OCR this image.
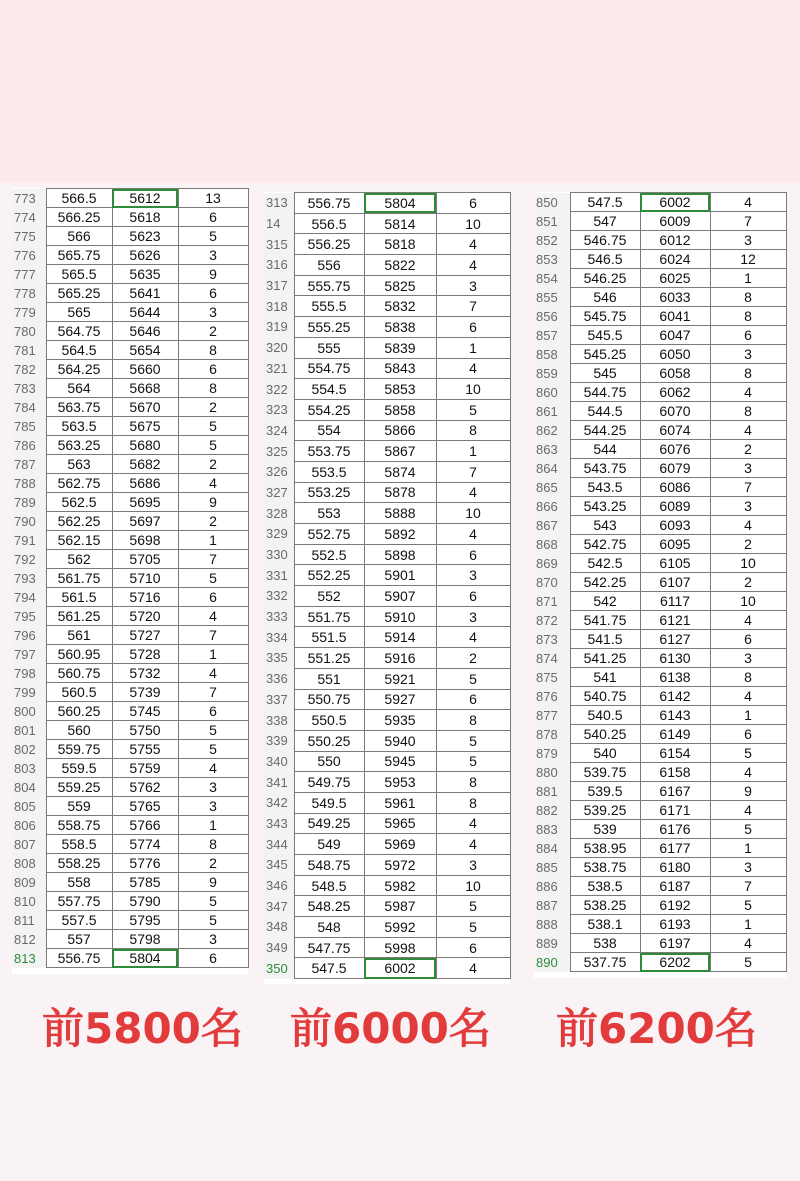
773	566.5	5612	13
774	566.25	5618	6
775	566	5623	5
776	565.75	5626	3
777	565.5	5635	9
778	565.25	5641	6
779	565	5644	3
780	564.75	5646	2
781	564.5	5654	8
782	564.25	5660	6
783	564	5668	8
784	563.75	5670	2
785	563.5	5675	5
786	563.25	5680	5
787	563	5682	2
788	562.75	5686	4
789	562.5	5695	9
790	562.25	5697	2
791	562.15	5698	1
792	562	5705	7
793	561.75	5710	5
794	561.5	5716	6
795	561.25	5720	4
796	561	5727	7
797	560.95	5728	1
798	560.75	5732	4
799	560.5	5739	7
800	560.25	5745	6
801	560	5750	5
802	559.75	5755	5
803	559.5	5759	4
804	559.25	5762	3
805	559	5765	3
806	558.75	5766	1
807	558.5	5774	8
808	558.25	5776	2
809	558	5785	9
810	557.75	5790	5
811	557.5	5795	5
812	557	5798	3
813	556.75	5804	6
313	556.75	5804	6
14	556.5	5814	10
315	556.25	5818	4
316	556	5822	4
317	555.75	5825	3
318	555.5	5832	7
319	555.25	5838	6
320	555	5839	1
321	554.75	5843	4
322	554.5	5853	10
323	554.25	5858	5
324	554	5866	8
325	553.75	5867	1
326	553.5	5874	7
327	553.25	5878	4
328	553	5888	10
329	552.75	5892	4
330	552.5	5898	6
331	552.25	5901	3
332	552	5907	6
333	551.75	5910	3
334	551.5	5914	4
335	551.25	5916	2
336	551	5921	5
337	550.75	5927	6
338	550.5	5935	8
339	550.25	5940	5
340	550	5945	5
341	549.75	5953	8
342	549.5	5961	8
343	549.25	5965	4
344	549	5969	4
345	548.75	5972	3
346	548.5	5982	10
347	548.25	5987	5
348	548	5992	5
349	547.75	5998	6
350	547.5	6002	4
850	547.5	6002	4
851	547	6009	7
852	546.75	6012	3
853	546.5	6024	12
854	546.25	6025	1
855	546	6033	8
856	545.75	6041	8
857	545.5	6047	6
858	545.25	6050	3
859	545	6058	8
860	544.75	6062	4
861	544.5	6070	8
862	544.25	6074	4
863	544	6076	2
864	543.75	6079	3
865	543.5	6086	7
866	543.25	6089	3
867	543	6093	4
868	542.75	6095	2
869	542.5	6105	10
870	542.25	6107	2
871	542	6117	10
872	541.75	6121	4
873	541.5	6127	6
874	541.25	6130	3
875	541	6138	8
876	540.75	6142	4
877	540.5	6143	1
878	540.25	6149	6
879	540	6154	5
880	539.75	6158	4
881	539.5	6167	9
882	539.25	6171	4
883	539	6176	5
884	538.95	6177	1
885	538.75	6180	3
886	538.5	6187	7
887	538.25	6192	5
888	538.1	6193	1
889	538	6197	4
890	537.75	6202	5

前5800名 前6000名 前6200名
